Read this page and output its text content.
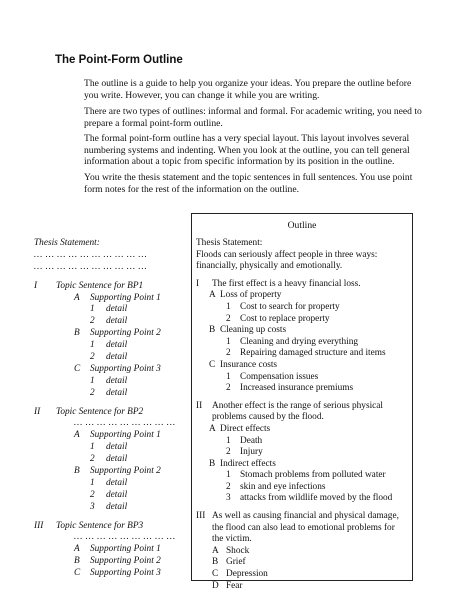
The Point-Form Outline

The outline is a guide to help you organize your ideas. You prepare the outline before you write. However, you can change it while you are writing.

There are two types of outlines: informal and formal. For academic writing, you need to prepare a formal point-form outline.

The formal point-form outline has a very special layout. This layout involves several numbering systems and indenting. When you look at the outline, you can tell general information about a topic from specific information by its position in the outline.

You write the thesis statement and the topic sentences in full sentences. You use point form notes for the rest of the information on the outline.

Thesis Statement:
… … … … … … … … … …
… … … … … … … … … …
I Topic Sentence for BP1
A Supporting Point 1
1 detail
2 detail
B Supporting Point 2
1 detail
2 detail
C Supporting Point 3
1 detail
2 detail
II Topic Sentence for BP2
… … … … … … … … …
A Supporting Point 1
1 detail
2 detail
B Supporting Point 2
1 detail
2 detail
3 detail
III Topic Sentence for BP3
… … … … … … … … …
A Supporting Point 1
B Supporting Point 2
C Supporting Point 3
Outline
Thesis Statement:
Floods can seriously affect people in three ways:
financially, physically and emotionally.
I The first effect is a heavy financial loss.
A Loss of property
1 Cost to search for property
2 Cost to replace property
B Cleaning up costs
1 Cleaning and drying everything
2 Repairing damaged structure and items
C Insurance costs
1 Compensation issues
2 Increased insurance premiums
II Another effect is the range of serious physical
problems caused by the flood.
A Direct effects
1 Death
2 Injury
B Indirect effects
1 Stomach problems from polluted water
2 skin and eye infections
3 attacks from wildlife moved by the flood
III As well as causing financial and physical damage,
the flood can also lead to emotional problems for
the victim.
A Shock
B Grief
C Depression
D Fear
